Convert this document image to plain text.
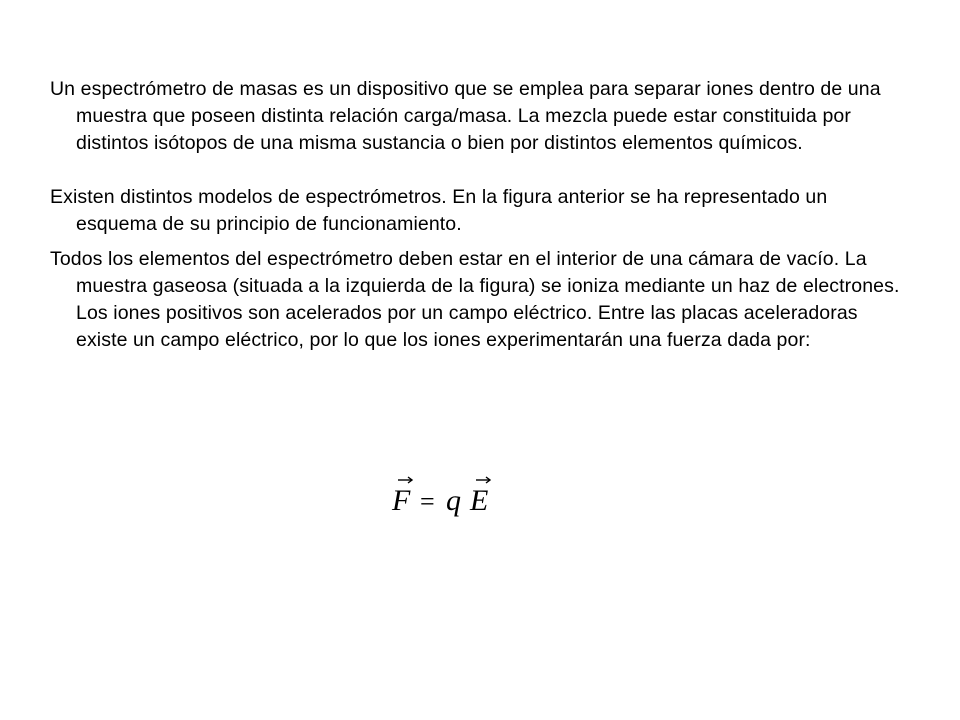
Un espectrómetro de masas es un dispositivo que se emplea para separar iones dentro de una muestra que poseen distinta relación carga/masa. La mezcla puede estar constituida por distintos isótopos de una misma sustancia o bien por distintos elementos químicos.

Existen distintos modelos de espectrómetros. En la figura anterior se ha representado un esquema de su principio de funcionamiento.

Todos los elementos del espectrómetro deben estar en el interior de una cámara de vacío. La muestra gaseosa (situada a la izquierda de la figura) se ioniza mediante un haz de electrones. Los iones positivos son acelerados por un campo eléctrico. Entre las placas aceleradoras existe un campo eléctrico, por lo que los iones experimentarán una fuerza dada por:

F = q E
